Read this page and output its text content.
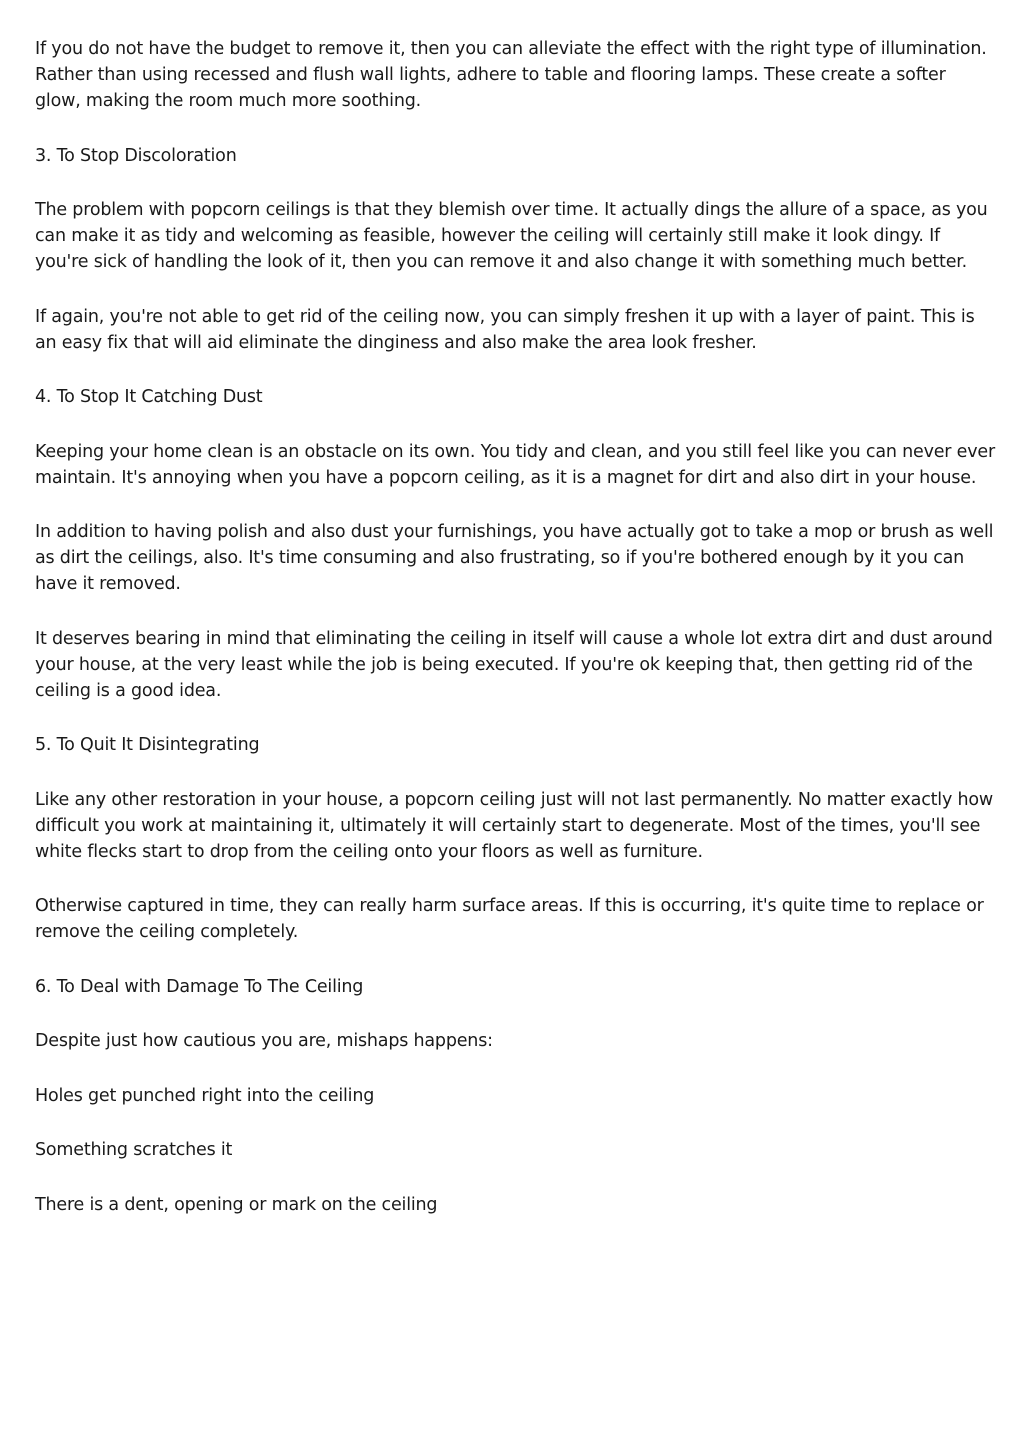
If you do not have the budget to remove it, then you can alleviate the effect with the right type of illumination. Rather than using recessed and flush wall lights, adhere to table and flooring lamps. These create a softer glow, making the room much more soothing.

3. To Stop Discoloration

The problem with popcorn ceilings is that they blemish over time. It actually dings the allure of a space, as you can make it as tidy and welcoming as feasible, however the ceiling will certainly still make it look dingy. If you're sick of handling the look of it, then you can remove it and also change it with something much better.

If again, you're not able to get rid of the ceiling now, you can simply freshen it up with a layer of paint. This is an easy fix that will aid eliminate the dinginess and also make the area look fresher.

4. To Stop It Catching Dust

Keeping your home clean is an obstacle on its own. You tidy and clean, and you still feel like you can never ever maintain. It's annoying when you have a popcorn ceiling, as it is a magnet for dirt and also dirt in your house.

In addition to having polish and also dust your furnishings, you have actually got to take a mop or brush as well as dirt the ceilings, also. It's time consuming and also frustrating, so if you're bothered enough by it you can have it removed.

It deserves bearing in mind that eliminating the ceiling in itself will cause a whole lot extra dirt and dust around your house, at the very least while the job is being executed. If you're ok keeping that, then getting rid of the ceiling is a good idea.

5. To Quit It Disintegrating

Like any other restoration in your house, a popcorn ceiling just will not last permanently. No matter exactly how difficult you work at maintaining it, ultimately it will certainly start to degenerate. Most of the times, you'll see white flecks start to drop from the ceiling onto your floors as well as furniture.

Otherwise captured in time, they can really harm surface areas. If this is occurring, it's quite time to replace or remove the ceiling completely.

6. To Deal with Damage To The Ceiling

Despite just how cautious you are, mishaps happens:

Holes get punched right into the ceiling

Something scratches it

There is a dent, opening or mark on the ceiling
